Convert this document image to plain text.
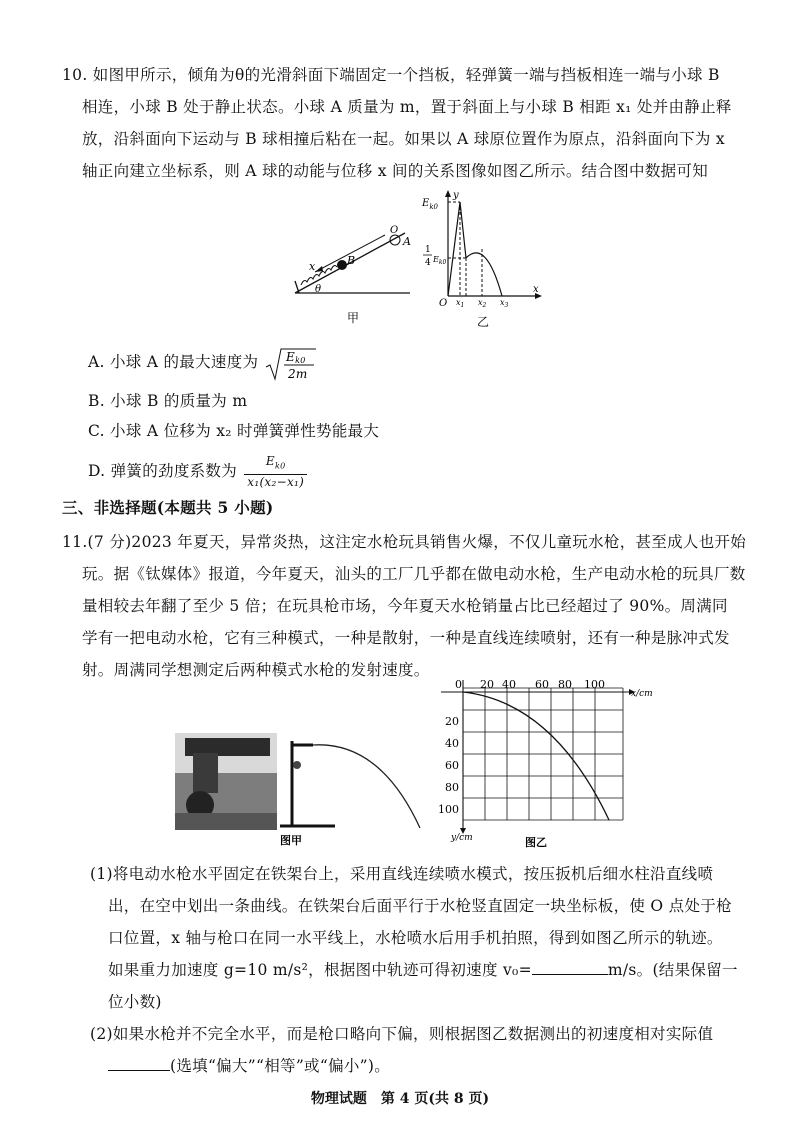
10. 如图甲所示，倾角为θ的光滑斜面下端固定一个挡板，轻弹簧一端与挡板相连一端与小球 B
相连，小球 B 处于静止状态。小球 A 质量为 m，置于斜面上与小球 B 相距 x₁ 处并由静止释
放，沿斜面向下运动与 B 球相撞后粘在一起。如果以 A 球原位置作为原点，沿斜面向下为 x
轴正向建立坐标系，则 A 球的动能与位移 x 间的关系图像如图乙所示。结合图中数据可知
x
O
A
B
θ
甲
y
x
$E_{k0}$
1
4 $E_{k0}$
O $x_1$ $x_2$ $x_3$
乙
A. 小球 A 的最大速度为 Ek0
2m
B. 小球 B 的质量为 m
C. 小球 A 位移为 x₂ 时弹簧弹性势能最大
D. 弹簧的劲度系数为 $\frac{E_{k0}}{\text{x₁(x₂−x₁)}}$
三、非选择题(本题共 5 小题)
11.(7 分)2023 年夏天，异常炎热，这注定水枪玩具销售火爆，不仅儿童玩水枪，甚至成人也开始
玩。据《钛媒体》报道，今年夏天，汕头的工厂几乎都在做电动水枪，生产电动水枪的玩具厂数
量相较去年翻了至少 5 倍；在玩具枪市场，今年夏天水枪销量占比已经超过了 90%。周满同
学有一把电动水枪，它有三种模式，一种是散射，一种是直线连续喷射，还有一种是脉冲式发
射。周满同学想测定后两种模式水枪的发射速度。
图甲
0 20 40 60 80 100
x/cm
20
40
60
80
100
y/cm	图乙
(1)将电动水枪水平固定在铁架台上，采用直线连续喷水模式，按压扳机后细水柱沿直线喷
出，在空中划出一条曲线。在铁架台后面平行于水枪竖直固定一块坐标板，使 O 点处于枪
口位置，x 轴与枪口在同一水平线上，水枪喷水后用手机拍照，得到如图乙所示的轨迹。
如果重力加速度 g=10 m/s²，根据图中轨迹可得初速度 v₀=	m/s。(结果保留一
位小数)
(2)如果水枪并不完全水平，而是枪口略向下偏，则根据图乙数据测出的初速度相对实际值
(选填“偏大”“相等”或“偏小”)。
物理试题　第 4 页(共 8 页)
